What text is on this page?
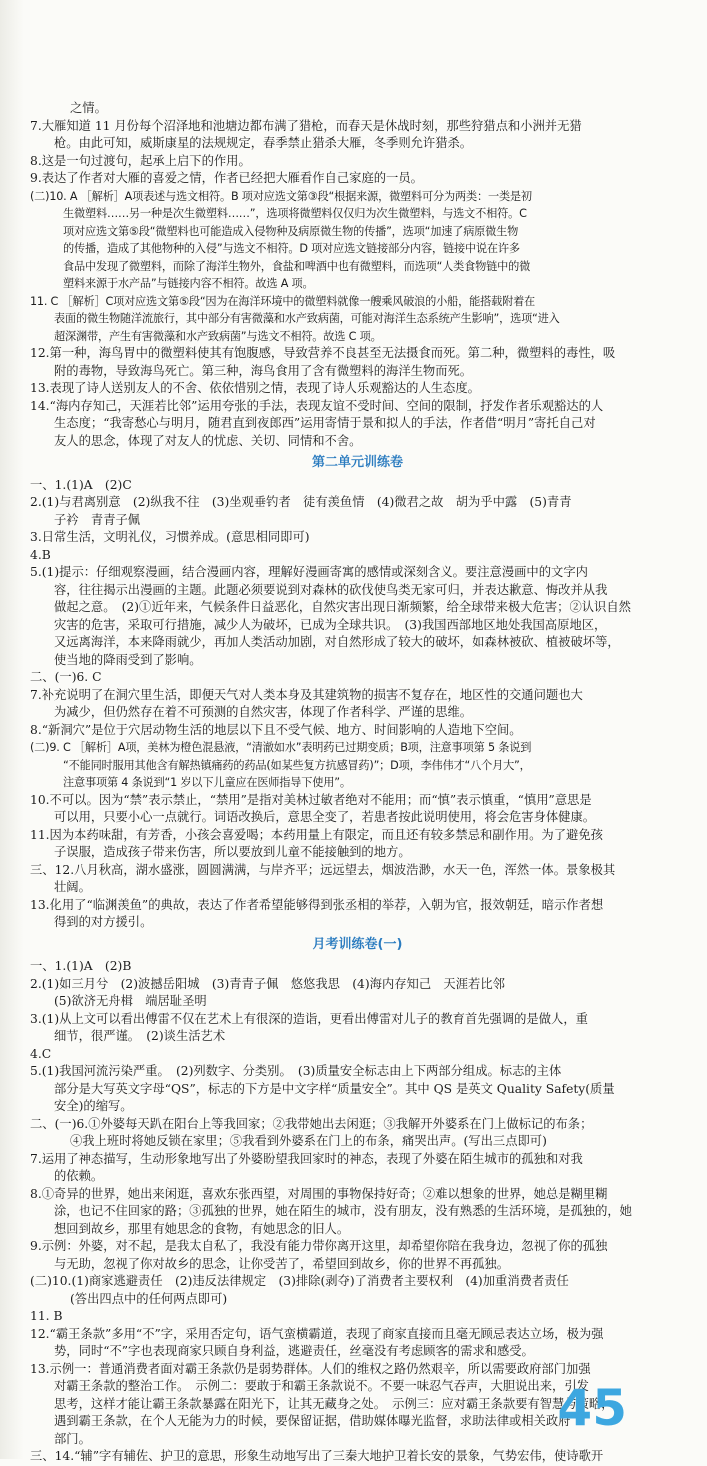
之情。

7.大雁知道 11 月份每个沼泽地和池塘边都布满了猎枪，而春天是休战时刻，那些狩猎点和小洲并无猎

枪。由此可知，威斯康星的法规规定，春季禁止猎杀大雁，冬季则允许猎杀。

8.这是一句过渡句，起承上启下的作用。

9.表达了作者对大雁的喜爱之情，作者已经把大雁看作自己家庭的一员。

(二)10. A ［解析］A项表述与选文相符。B 项对应选文第③段“根据来源，微塑料可分为两类：一类是初

生微塑料……另一种是次生微塑料……”，选项将微塑料仅仅归为次生微塑料，与选文不相符。C

项对应选文第⑤段“微塑料也可能造成入侵物种及病原微生物的传播”，选项“加速了病原微生物

的传播，造成了其他物种的入侵”与选文不相符。D 项对应选文链接部分内容，链接中说在许多

食品中发现了微塑料，而除了海洋生物外，食盐和啤酒中也有微塑料，而选项“人类食物链中的微

塑料来源于水产品”与链接内容不相符。故选 A 项。

11. C ［解析］C项对应选文第⑤段“因为在海洋环境中的微塑料就像一艘乘风破浪的小船，能搭载附着在

表面的微生物随洋流旅行，其中部分有害微藻和水产致病菌，可能对海洋生态系统产生影响”，选项“进入

超深渊带，产生有害微藻和水产致病菌”与选文不相符。故选 C 项。

12.第一种，海鸟胃中的微塑料使其有饱腹感，导致营养不良甚至无法摄食而死。第二种，微塑料的毒性，吸

附的毒物，导致海鸟死亡。第三种，海鸟食用了含有微塑料的海洋生物而死。

13.表现了诗人送别友人的不舍、依依惜别之情，表现了诗人乐观豁达的人生态度。

14.“海内存知己，天涯若比邻”运用夸张的手法，表现友谊不受时间、空间的限制，抒发作者乐观豁达的人

生态度；“我寄愁心与明月，随君直到夜郎西”运用寄情于景和拟人的手法，作者借“明月”寄托自己对

友人的思念，体现了对友人的忧虑、关切、同情和不舍。

第二单元训练卷

一、1.(1)A　(2)C

2.(1)与君离别意　(2)纵我不往　(3)坐观垂钓者　徒有羡鱼情　(4)微君之故　胡为乎中露　(5)青青

子衿　青青子佩

3.日常生活，文明礼仪，习惯养成。(意思相同即可)

4.B

5.(1)提示：仔细观察漫画，结合漫画内容，理解好漫画寄寓的感情或深刻含义。要注意漫画中的文字内

容，往往揭示出漫画的主题。此题必须要说到对森林的砍伐使鸟类无家可归，并表达歉意、悔改并从我

做起之意。　(2)①近年来，气候条件日益恶化，自然灾害出现日渐频繁，给全球带来极大危害；②认识自然

灾害的危害，采取可行措施，减少人为破坏，已成为全球共识。　(3)我国西部地区地处我国高原地区，

又远离海洋，本来降雨就少，再加人类活动加剧，对自然形成了较大的破坏，如森林被砍、植被破坏等，

使当地的降雨受到了影响。

二、(一)6. C

7.补充说明了在洞穴里生活，即便天气对人类本身及其建筑物的损害不复存在，地区性的交通问题也大

为减少，但仍然存在着不可预测的自然灾害，体现了作者科学、严谨的思维。

8.“新洞穴”是位于穴居动物生活的地层以下且不受气候、地方、时间影响的人造地下空间。

(二)9. C ［解析］A项，美林为橙色混悬液，“清澈如水”表明药已过期变质；B项，注意事项第 5 条说到

“不能同时服用其他含有解热镇痛药的药品(如某些复方抗感冒药)”；D项，李伟伟才“八个月大”，

注意事项第 4 条说到“1 岁以下儿童应在医师指导下使用”。

10.不可以。因为“禁”表示禁止，“禁用”是指对美林过敏者绝对不能用；而“慎”表示慎重，“慎用”意思是

可以用，只要小心一点就行。词语改换后，意思全变了，若患者按此说明使用，将会危害身体健康。

11.因为本药味甜，有芳香，小孩会喜爱喝；本药用量上有限定，而且还有较多禁忌和副作用。为了避免孩

子误服，造成孩子带来伤害，所以要放到儿童不能接触到的地方。

三、12.八月秋高，湖水盛涨，圆圆满满，与岸齐平；远远望去，烟波浩渺，水天一色，浑然一体。景象极其

壮阔。

13.化用了“临渊羡鱼”的典故，表达了作者希望能够得到张丞相的举荐，入朝为官，报效朝廷，暗示作者想

得到的对方援引。

月考训练卷(一)

一、1.(1)A　(2)B

2.(1)如三月兮　(2)波撼岳阳城　(3)青青子佩　悠悠我思　(4)海内存知己　天涯若比邻

(5)欲济无舟楫　端居耻圣明

3.(1)从上文可以看出傅雷不仅在艺术上有很深的造诣，更看出傅雷对儿子的教育首先强调的是做人，重

细节，很严谨。　(2)谈生活艺术

4.C

5.(1)我国河流污染严重。　(2)列数字、分类别。　(3)质量安全标志由上下两部分组成。标志的主体

部分是大写英文字母“QS”，标志的下方是中文字样“质量安全”。其中 QS 是英文 Quality Safety(质量

安全)的缩写。

二、(一)6.①外婆每天趴在阳台上等我回家；②我带她出去闲逛；③我解开外婆系在门上做标记的布条；

④我上班时将她反锁在家里；⑤我看到外婆系在门上的布条，痛哭出声。(写出三点即可)

7.运用了神态描写，生动形象地写出了外婆盼望我回家时的神态，表现了外婆在陌生城市的孤独和对我

的依赖。

8.①奇异的世界，她出来闲逛，喜欢东张西望，对周围的事物保持好奇；②难以想象的世界，她总是糊里糊

涂，也记不住回家的路；③孤独的世界，她在陌生的城市，没有朋友，没有熟悉的生活环境，是孤独的，她

想回到故乡，那里有她思念的食物，有她思念的旧人。

9.示例：外婆，对不起，是我太自私了，我没有能力带你离开这里，却希望你陪在我身边，忽视了你的孤独

与无助，忽视了你对故乡的思念，让你受苦了，希望回到故乡，你的世界不再孤独。

(二)10.(1)商家逃避责任　(2)违反法律规定　(3)排除(剥夺)了消费者主要权利　(4)加重消费者责任

(答出四点中的任何两点即可)

11. B

12.“霸王条款”多用“不”字，采用否定句，语气蛮横霸道，表现了商家直接而且毫无顾忌表达立场，极为强

势，同时“不”字也表现商家只顾自身利益，逃避责任，丝毫没有考虑顾客的需求和感受。

13.示例一：普通消费者面对霸王条款仍是弱势群体。人们的维权之路仍然艰辛，所以需要政府部门加强

对霸王条款的整治工作。　示例二：要敢于和霸王条款说不。不要一味忍气吞声，大胆说出来，引发

思考，这样才能让霸王条款暴露在阳光下，让其无藏身之处。　示例三：应对霸王条款要有智慧与策略，

遇到霸王条款，在个人无能为力的时候，要保留证据，借助媒体曝光监督，求助法律或相关政府

部门。

三、14.“辅”字有辅佐、护卫的意思，形象生动地写出了三秦大地护卫着长安的景象，气势宏伟，使诗歌开

45
